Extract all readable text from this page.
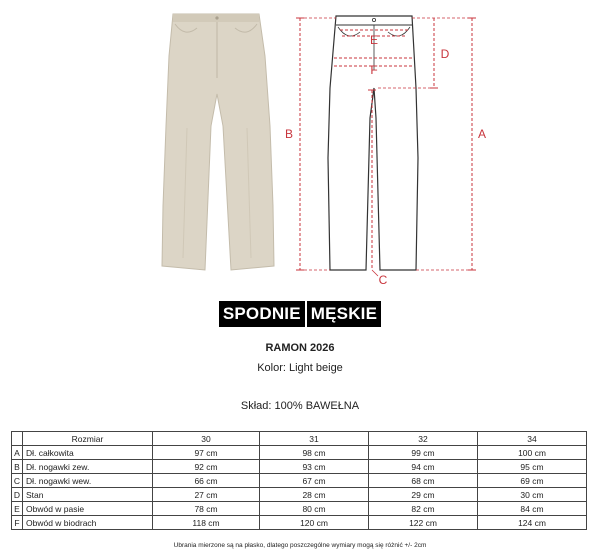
E
F
B	A
D
C
SPODNIE MĘSKIE
RAMON 2026
Kolor: Light beige
Skład: 100% BAWEŁNA
	Rozmiar	30	31	32	34
A	Dł. całkowita	97 cm	98 cm	99 cm	100 cm
B	Dł. nogawki zew.	92 cm	93 cm	94 cm	95 cm
C	Dł. nogawki wew.	66 cm	67 cm	68 cm	69 cm
D	Stan	27 cm	28 cm	29 cm	30 cm
E	Obwód w pasie	78 cm	80 cm	82 cm	84 cm
F	Obwód w biodrach	118 cm	120 cm	122 cm	124 cm
Ubrania mierzone są na płasko, dlatego poszczególne wymiary mogą się różnić +/- 2cm
